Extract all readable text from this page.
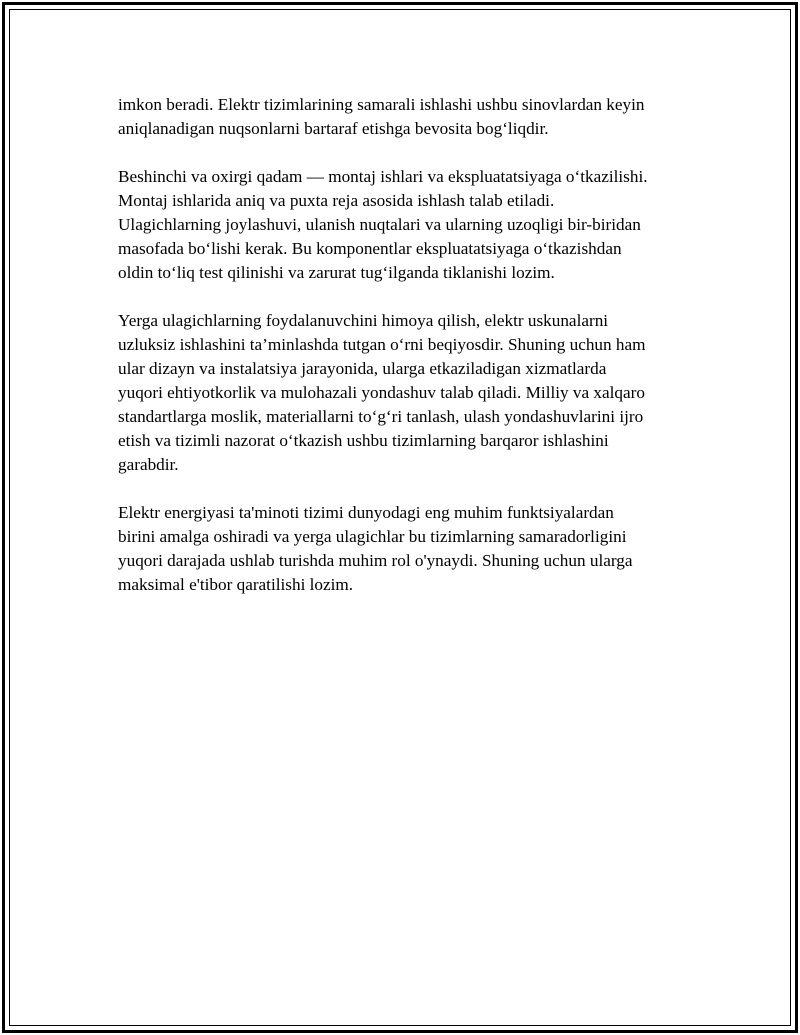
imkon beradi. Elektr tizimlarining samarali ishlashi ushbu sinovlardan keyin
aniqlanadigan nuqsonlarni bartaraf etishga bevosita bog‘liqdir.

Beshinchi va oxirgi qadam — montaj ishlari va ekspluatatsiyaga o‘tkazilishi.
Montaj ishlarida aniq va puxta reja asosida ishlash talab etiladi.
Ulagichlarning joylashuvi, ulanish nuqtalari va ularning uzoqligi bir-biridan
masofada bo‘lishi kerak. Bu komponentlar ekspluatatsiyaga o‘tkazishdan
oldin to‘liq test qilinishi va zarurat tug‘ilganda tiklanishi lozim.

Yerga ulagichlarning foydalanuvchini himoya qilish, elektr uskunalarni
uzluksiz ishlashini ta’minlashda tutgan o‘rni beqiyosdir. Shuning uchun ham
ular dizayn va instalatsiya jarayonida, ularga etkaziladigan xizmatlarda
yuqori ehtiyotkorlik va mulohazali yondashuv talab qiladi. Milliy va xalqaro
standartlarga moslik, materiallarni to‘g‘ri tanlash, ulash yondashuvlarini ijro
etish va tizimli nazorat o‘tkazish ushbu tizimlarning barqaror ishlashini
garabdir.

Elektr energiyasi ta'minoti tizimi dunyodagi eng muhim funktsiyalardan
birini amalga oshiradi va yerga ulagichlar bu tizimlarning samaradorligini
yuqori darajada ushlab turishda muhim rol o'ynaydi. Shuning uchun ularga
maksimal e'tibor qaratilishi lozim.
